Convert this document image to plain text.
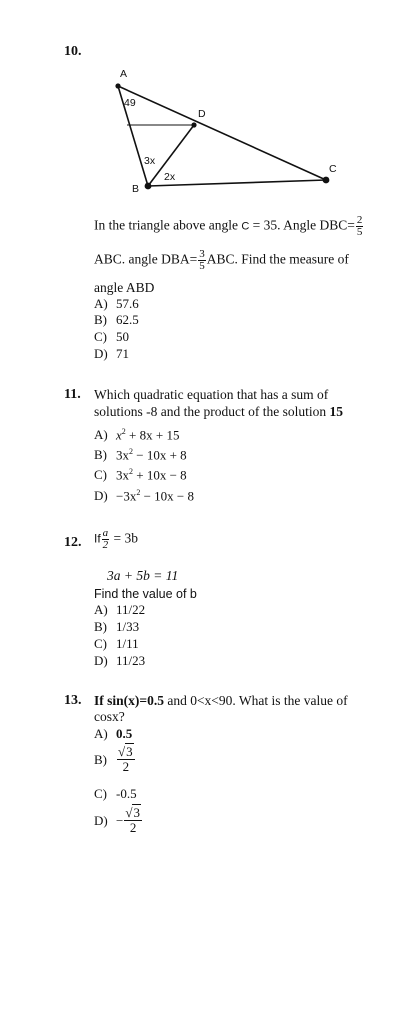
10.
A
B
C
D
49
3x
2x
In the triangle above angle C = 35. Angle $DBC= \frac{2}{5}$
ABC. angle $DBA= \frac{3}{5}$ ABC. Find the measure of
angle ABD
A) 57.6
B) 62.5
C) 50
D) 71
11. Which quadratic equation that has a sum of
solutions -8 and the product of the solution 15
A) $x^2 + 8x + 15$
B) $3x^2 - 10x + 8$
C) $3x^2 + 10x - 8$
$D) -3x^2 - 10x - 8$
12. If $\frac{a}{2} = 3b$
3a + 5b = 11
Find the value of b
A) 11/22
B) 1/33
C) 1/11
D) 11/23
13. If sin(x)=0.5 and 0<x<90. What is the value of
cosx?
A) 0.5
$B) \frac{√3}{2}$
C) -0.5
$D) - \frac{√3}{2}$
